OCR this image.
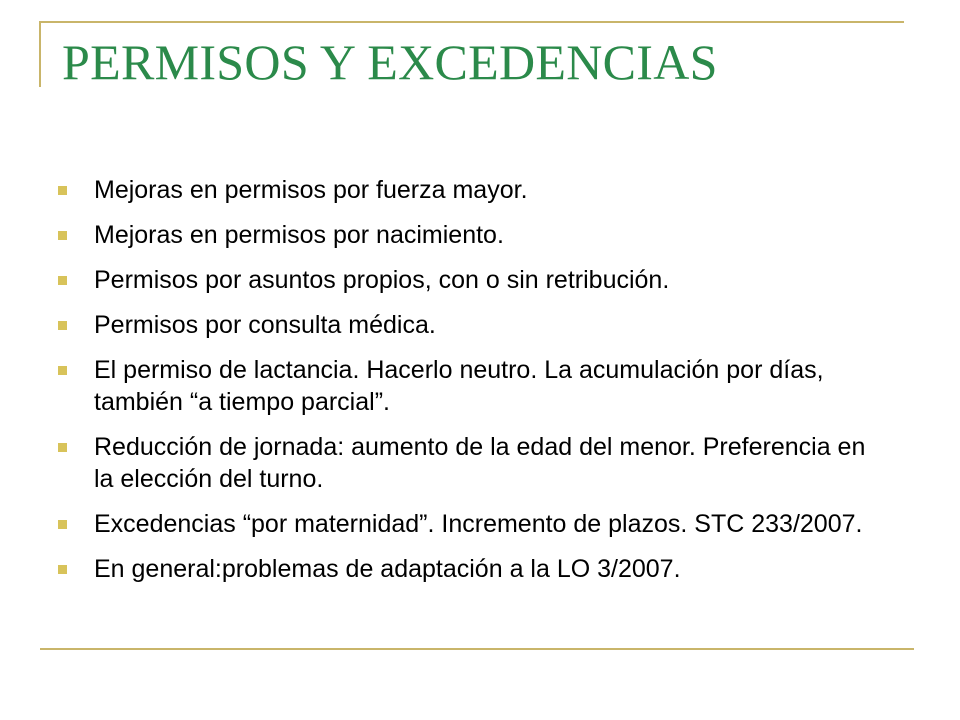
PERMISOS Y EXCEDENCIAS
Mejoras en permisos por fuerza mayor.
Mejoras en permisos por nacimiento.
Permisos por asuntos propios, con o sin retribución.
Permisos por consulta médica.
El permiso de lactancia. Hacerlo neutro. La acumulación por días, también “a tiempo parcial”.
Reducción de jornada: aumento de la edad del menor. Preferencia en la elección del turno.
Excedencias “por maternidad”. Incremento de plazos. STC 233/2007.
En general:problemas de adaptación a la LO 3/2007.
